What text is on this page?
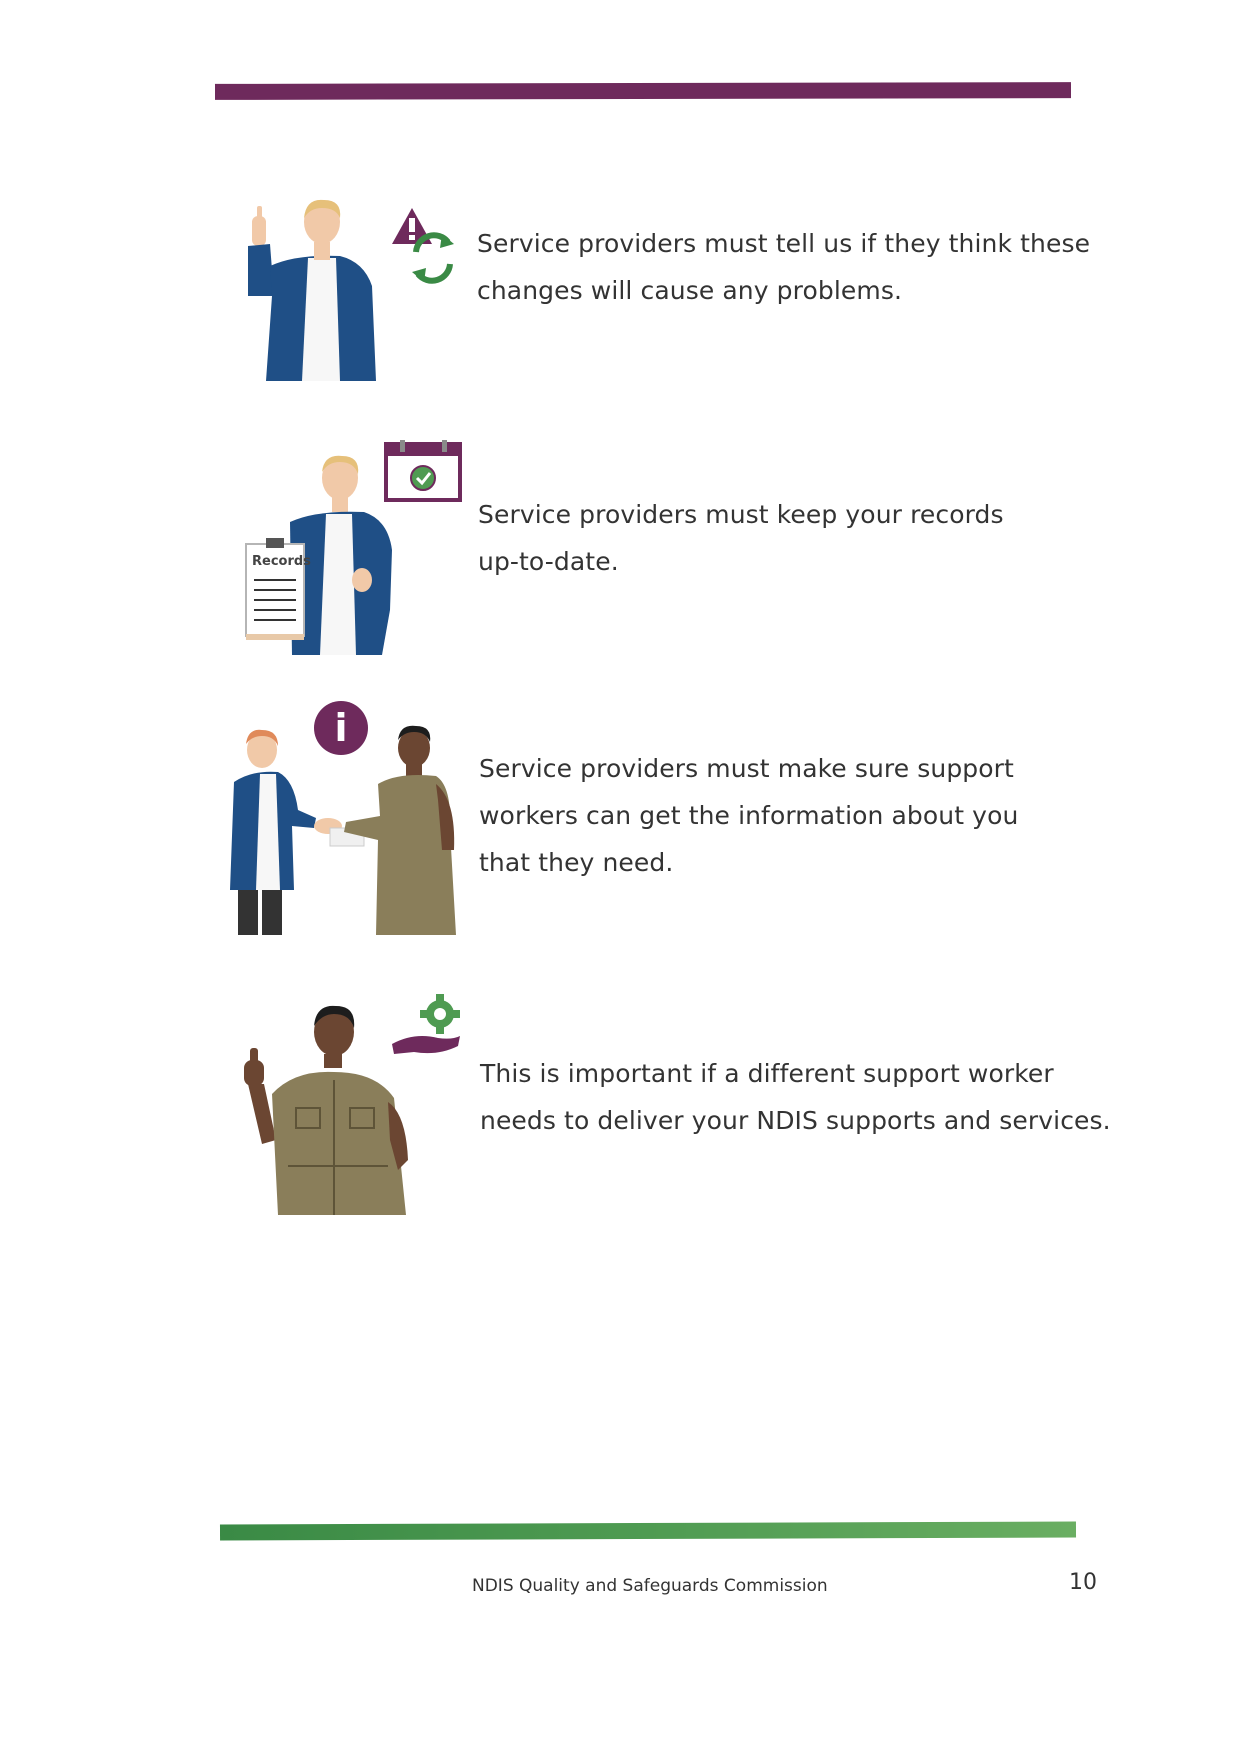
Service providers must tell us if they think these
changes will cause any problems.

Records

Service providers must keep your records
up-to-date.

i

Service providers must make sure support
workers can get the information about you
that they need.

This is important if a different support worker
needs to deliver your NDIS supports and services.

NDIS Quality and Safeguards Commission	10
